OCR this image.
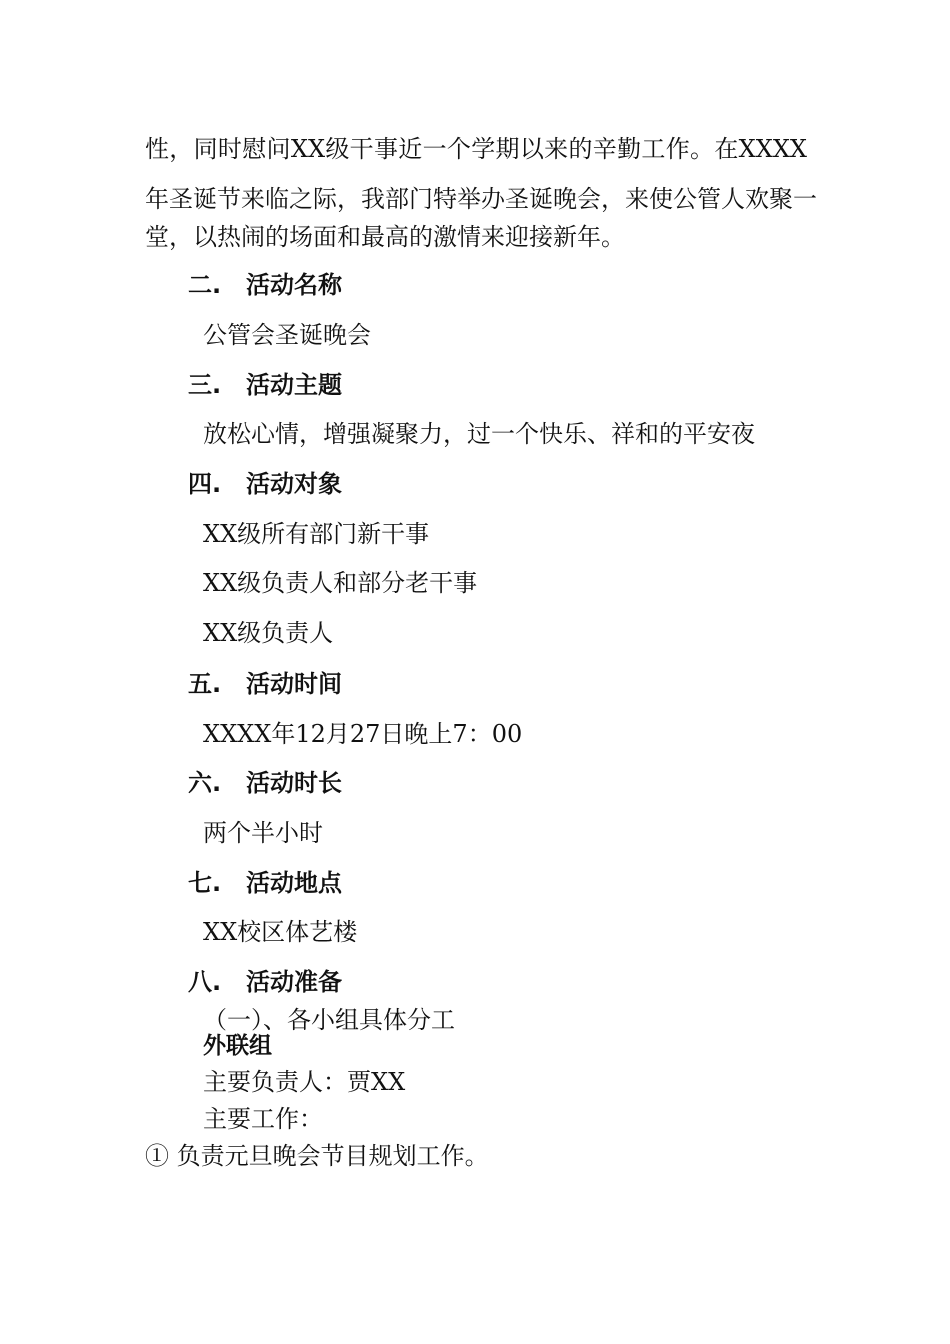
性，同时慰问XX级干事近一个学期以来的辛勤工作。在XXXX
年圣诞节来临之际，我部门特举办圣诞晚会，来使公管人欢聚一
堂，以热闹的场面和最高的激情来迎接新年。
二. 活动名称
公管会圣诞晚会
三. 活动主题
放松心情，增强凝聚力，过一个快乐、祥和的平安夜
四. 活动对象
XX级所有部门新干事
XX级负责人和部分老干事
XX级负责人
五. 活动时间
XXXX年12月27日晚上7：00
六. 活动时长
两个半小时
七. 活动地点
XX校区体艺楼
八. 活动准备
（一）、各小组具体分工
外联组
主要负责人：贾XX
主要工作：
① 负责元旦晚会节目规划工作。
